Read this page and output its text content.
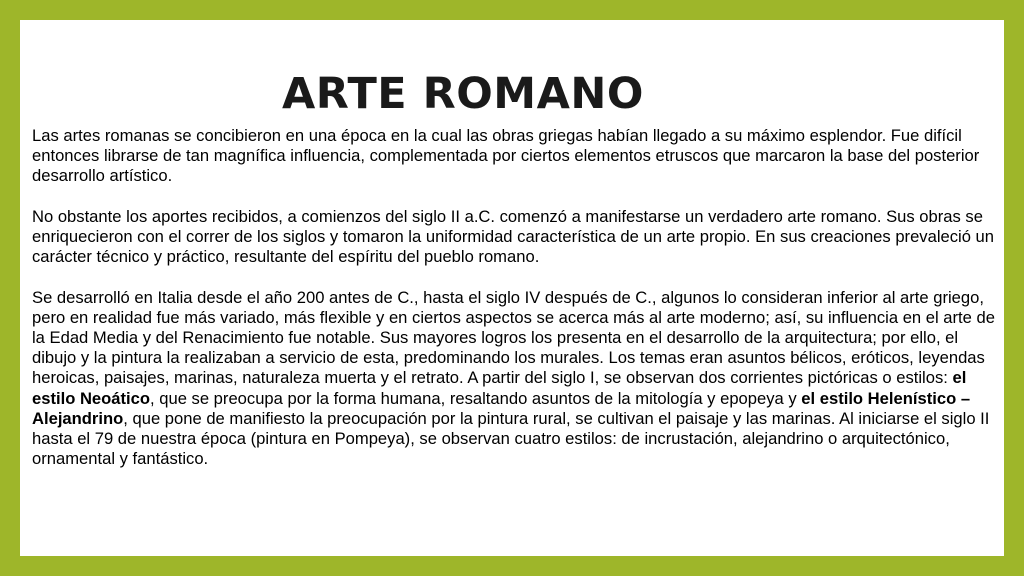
ARTE ROMANO

Las artes romanas se concibieron en una época en la cual las obras griegas habían llegado a su máximo esplendor. Fue difícil entonces librarse de tan magnífica influencia, complementada por ciertos elementos etruscos que marcaron la base del posterior desarrollo artístico.

No obstante los aportes recibidos, a comienzos del siglo II a.C. comenzó a manifestarse un verdadero arte romano. Sus obras se enriquecieron con el correr de los siglos y tomaron la uniformidad característica de un arte propio. En sus creaciones prevaleció un carácter técnico y práctico, resultante del espíritu del pueblo romano.

Se desarrolló en Italia desde el año 200 antes de C., hasta el siglo IV después de C., algunos lo consideran inferior al arte griego, pero en realidad fue más variado, más flexible y en ciertos aspectos se acerca más al arte moderno; así, su influencia en el arte de la Edad Media y del Renacimiento fue notable. Sus mayores logros los presenta en el desarrollo de la arquitectura; por ello, el dibujo y la pintura la realizaban a servicio de esta, predominando los murales. Los temas eran asuntos bélicos, eróticos, leyendas heroicas, paisajes, marinas, naturaleza muerta y el retrato. A partir del siglo I, se observan dos corrientes pictóricas o estilos: el estilo Neoático, que se preocupa por la forma humana, resaltando asuntos de la mitología y epopeya y el estilo Helenístico – Alejandrino, que pone de manifiesto la preocupación por la pintura rural, se cultivan el paisaje y las marinas. Al iniciarse el siglo II hasta el 79 de nuestra época (pintura en Pompeya), se observan cuatro estilos: de incrustación, alejandrino o arquitectónico, ornamental y fantástico.
